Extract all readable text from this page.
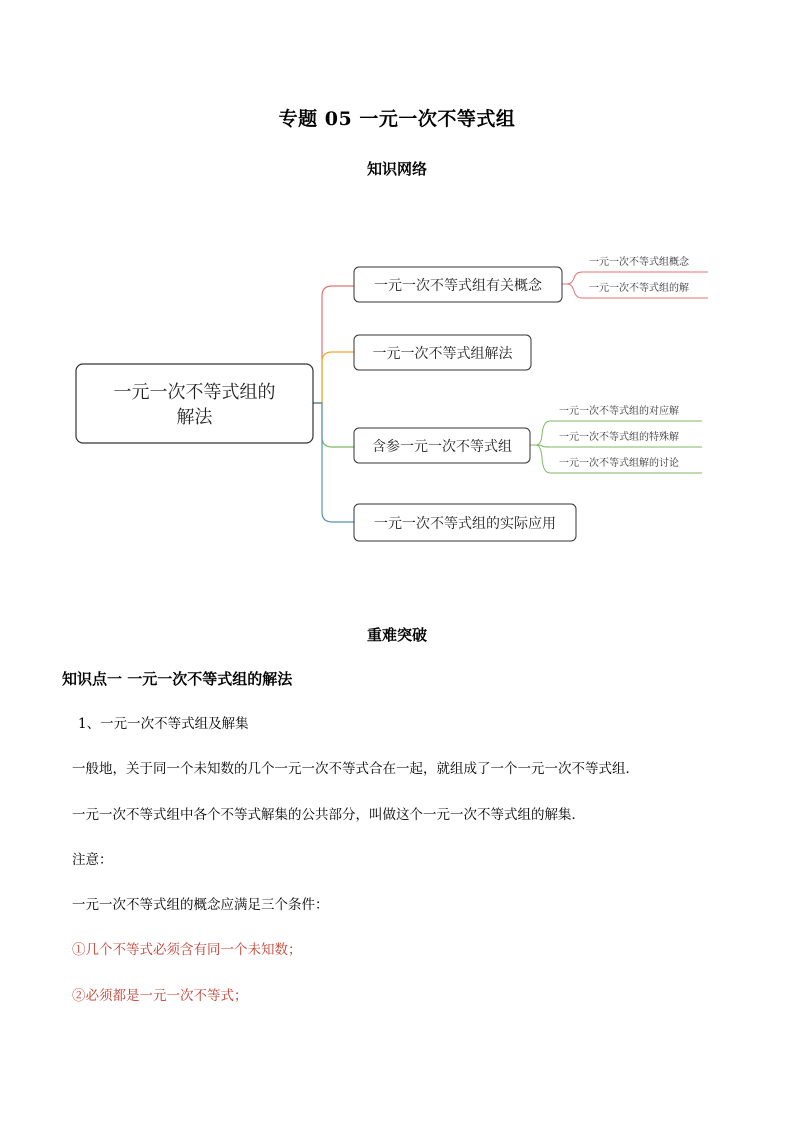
专题 05 一元一次不等式组
知识网络
一元一次不等式组的
解法
一元一次不等式组有关概念
一元一次不等式组解法
含参一元一次不等式组
一元一次不等式组的实际应用
一元一次不等式组概念
一元一次不等式组的解
一元一次不等式组的对应解
一元一次不等式组的特殊解
一元一次不等式组解的讨论
重难突破
知识点一 一元一次不等式组的解法
1、一元一次不等式组及解集
一般地，关于同一个未知数的几个一元一次不等式合在一起，就组成了一个一元一次不等式组．
一元一次不等式组中各个不等式解集的公共部分，叫做这个一元一次不等式组的解集．
注意：
一元一次不等式组的概念应满足三个条件：
①几个不等式必须含有同一个未知数；
②必须都是一元一次不等式；
